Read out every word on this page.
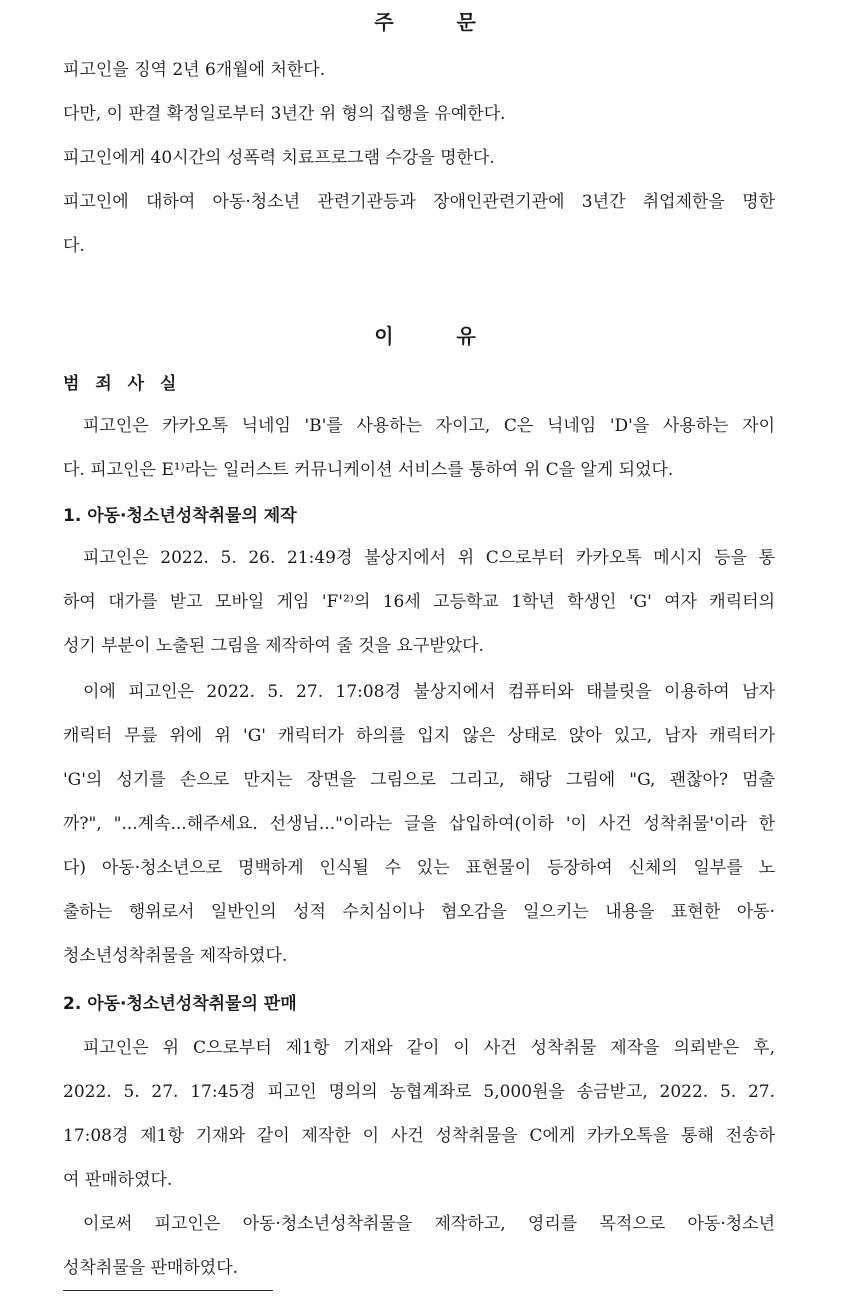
주 문
피고인을 징역 2년 6개월에 처한다.
다만, 이 판결 확정일로부터 3년간 위 형의 집행을 유예한다.
피고인에게 40시간의 성폭력 치료프로그램 수강을 명한다.
피고인에 대하여 아동·청소년 관련기관등과 장애인관련기관에 3년간 취업제한을 명한
다.
이 유
범 죄 사 실
피고인은 카카오톡 닉네임 'B'를 사용하는 자이고, C은 닉네임 'D'을 사용하는 자이
다. 피고인은 E¹⁾라는 일러스트 커뮤니케이션 서비스를 통하여 위 C을 알게 되었다.
1. 아동·청소년성착취물의 제작
피고인은 2022. 5. 26. 21:49경 불상지에서 위 C으로부터 카카오톡 메시지 등을 통
하여 대가를 받고 모바일 게임 'F'²⁾의 16세 고등학교 1학년 학생인 'G' 여자 캐릭터의
성기 부분이 노출된 그림을 제작하여 줄 것을 요구받았다.
이에 피고인은 2022. 5. 27. 17:08경 불상지에서 컴퓨터와 태블릿을 이용하여 남자
캐릭터 무릎 위에 위 'G' 캐릭터가 하의를 입지 않은 상태로 앉아 있고, 남자 캐릭터가
'G'의 성기를 손으로 만지는 장면을 그림으로 그리고, 해당 그림에 "G, 괜찮아? 멈출
까?", "...계속...해주세요. 선생님..."이라는 글을 삽입하여(이하 '이 사건 성착취물'이라 한
다) 아동·청소년으로 명백하게 인식될 수 있는 표현물이 등장하여 신체의 일부를 노
출하는 행위로서 일반인의 성적 수치심이나 혐오감을 일으키는 내용을 표현한 아동·
청소년성착취물을 제작하였다.
2. 아동·청소년성착취물의 판매
피고인은 위 C으로부터 제1항 기재와 같이 이 사건 성착취물 제작을 의뢰받은 후,
2022. 5. 27. 17:45경 피고인 명의의 농협계좌로 5,000원을 송금받고, 2022. 5. 27.
17:08경 제1항 기재와 같이 제작한 이 사건 성착취물을 C에게 카카오톡을 통해 전송하
여 판매하였다.
이로써 피고인은 아동·청소년성착취물을 제작하고, 영리를 목적으로 아동·청소년
성착취물을 판매하였다.
